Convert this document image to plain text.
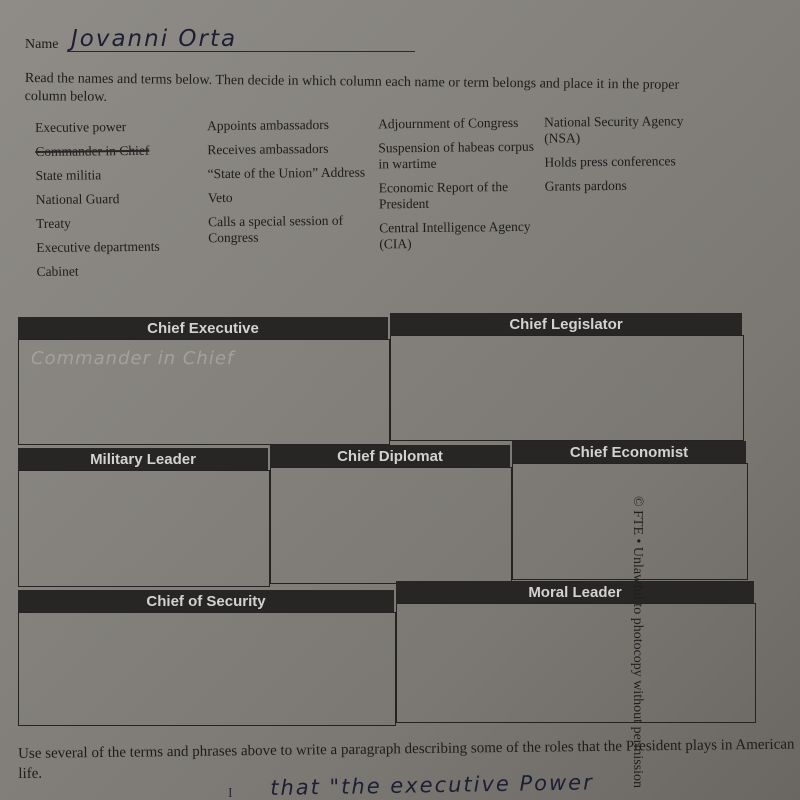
Name Jovanni Orta
Read the names and terms below. Then decide in which column each name or term belongs and place it in the proper column below.
Executive power
Commander in Chief
State militia
National Guard
Treaty
Executive departments
Cabinet
Appoints ambassadors
Receives ambassadors
“State of the Union” Address
Veto
Calls a special session of Congress
Adjournment of Congress
Suspension of habeas corpus in wartime
Economic Report of the President
Central Intelligence Agency (CIA)
National Security Agency (NSA)
Holds press conferences
Grants pardons
Chief Executive	Chief Legislator
Commander in Chief
Military Leader	Chief Diplomat	Chief Economist
Chief of Security
Moral Leader © FTE • Unlawful to photocopy without permission
Use several of the terms and phrases above to write a paragraph describing some of the roles that the President plays in American life.
I that "the executive Power
